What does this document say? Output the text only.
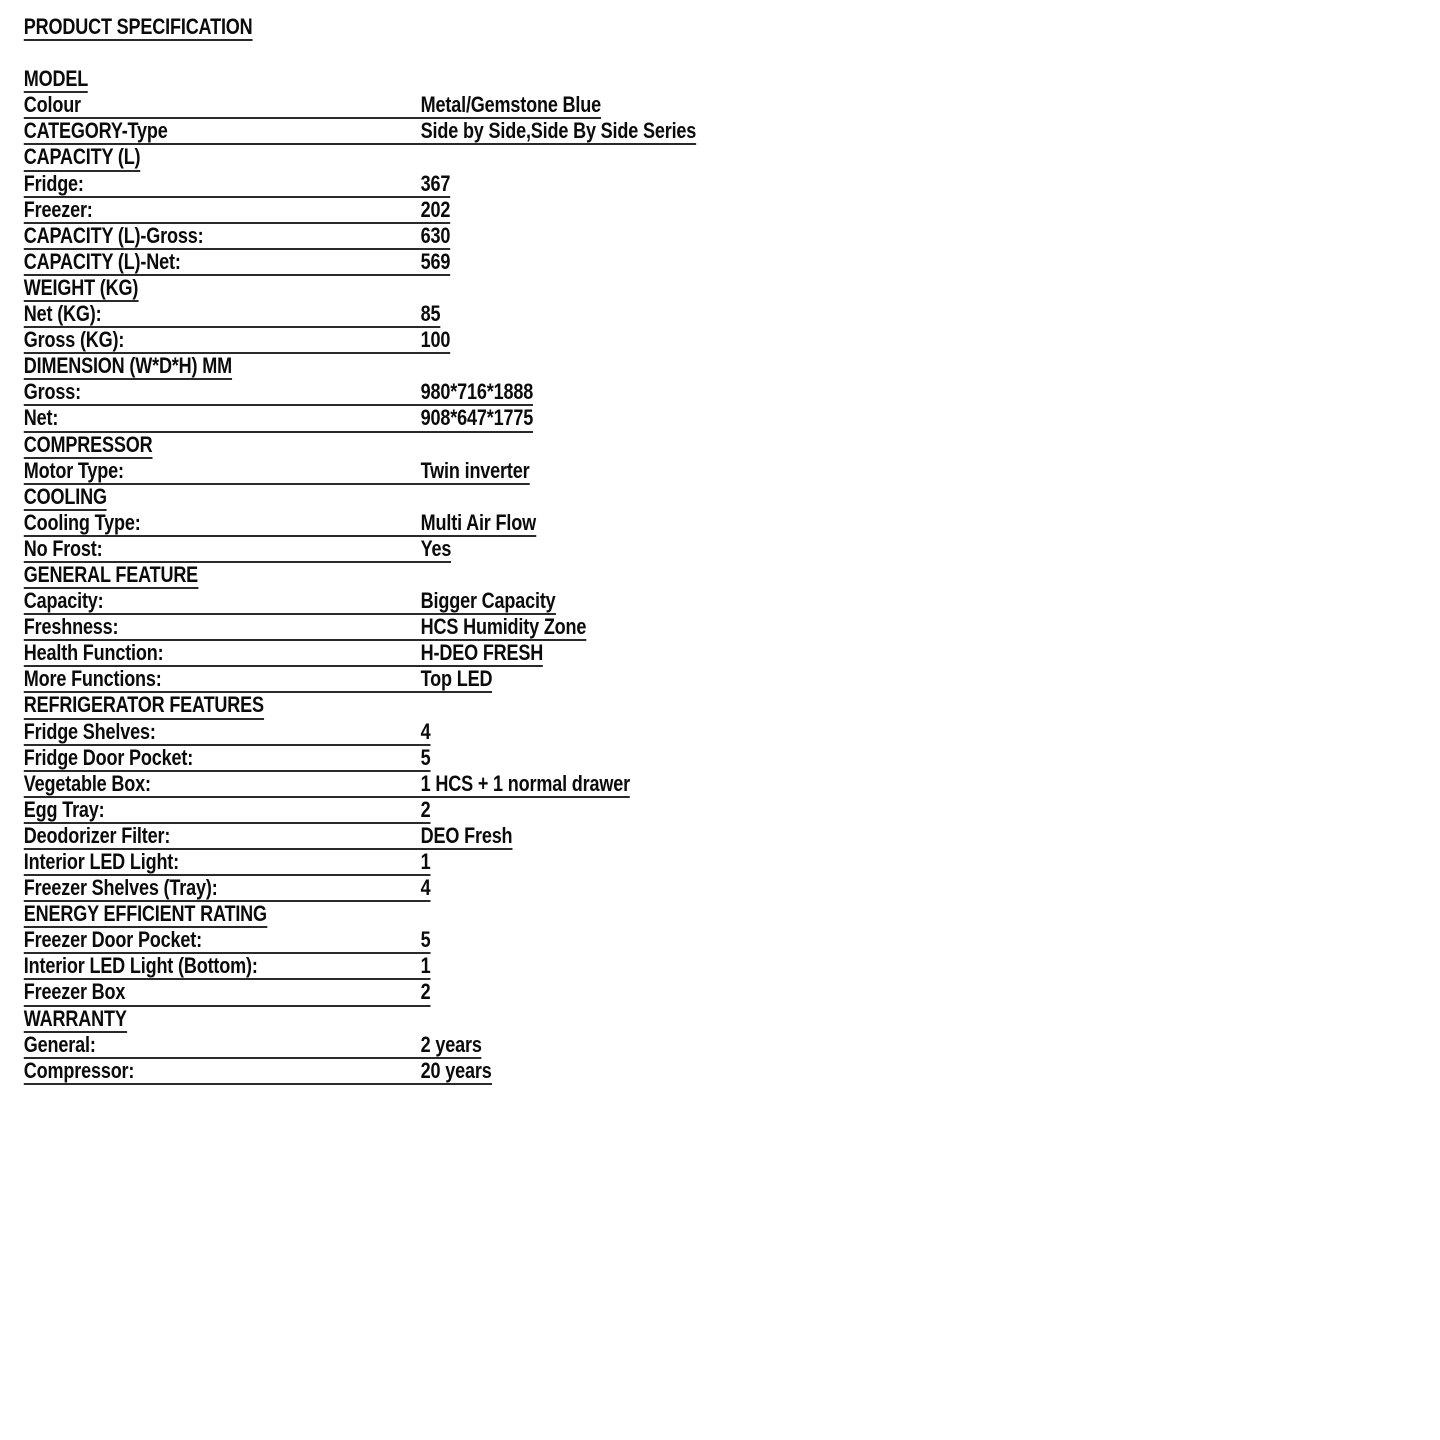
PRODUCT SPECIFICATION
MODEL
Colour	Metal/Gemstone Blue
CATEGORY-Type	Side by Side,Side By Side Series
CAPACITY (L)
Fridge:	367
Freezer:	202
CAPACITY (L)-Gross:	630
CAPACITY (L)-Net:	569
WEIGHT (KG)
Net (KG):	85
Gross (KG):	100
DIMENSION (W*D*H) MM
Gross:	980*716*1888
Net:	908*647*1775
COMPRESSOR
Motor Type:	Twin inverter
COOLING
Cooling Type:	Multi Air Flow
No Frost:	Yes
GENERAL FEATURE
Capacity:	Bigger Capacity
Freshness:	HCS Humidity Zone
Health Function:	H-DEO FRESH
More Functions:	Top LED
REFRIGERATOR FEATURES
Fridge Shelves:	4
Fridge Door Pocket:	5
Vegetable Box:	1 HCS + 1 normal drawer
Egg Tray:	2
Deodorizer Filter:	DEO Fresh
Interior LED Light:	1
Freezer Shelves (Tray):	4
ENERGY EFFICIENT RATING
Freezer Door Pocket:	5
Interior LED Light (Bottom):	1
Freezer Box	2
WARRANTY
General:	2 years
Compressor:	20 years
